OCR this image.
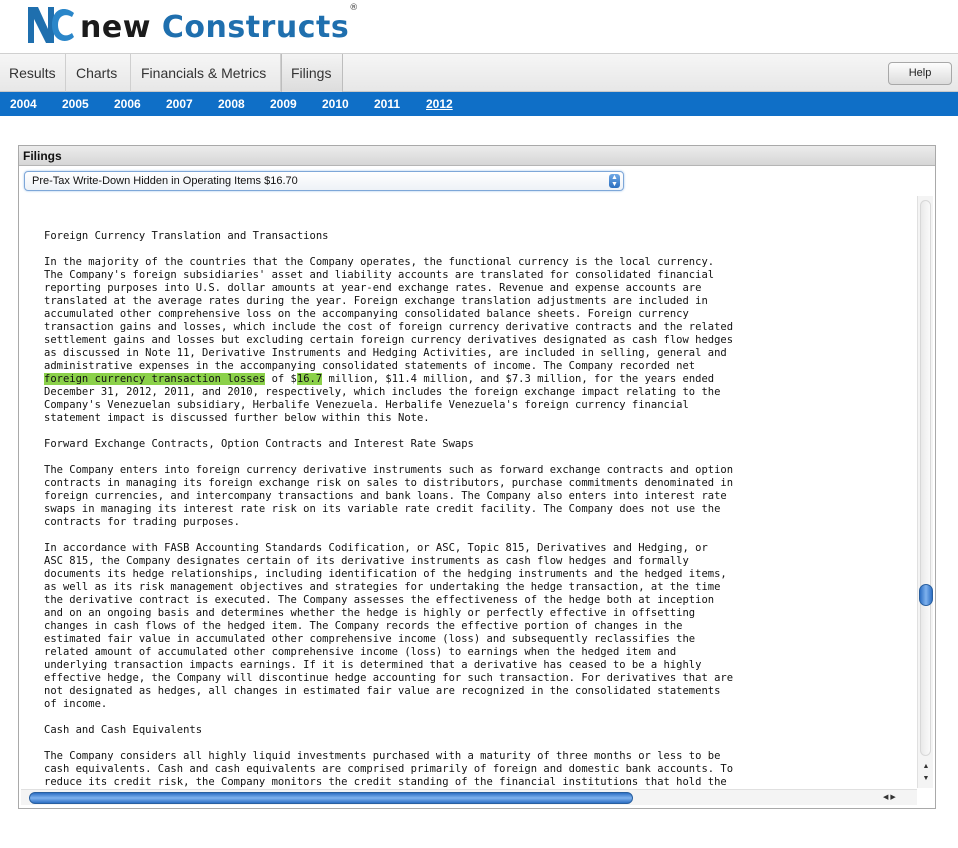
new Constructs®
Results	Charts	Financials & Metrics	Filings	Help
2004 2005 2006 2007 2008 2009 2010 2011 2012
Filings
Pre-Tax Write-Down Hidden in Operating Items $16.70	▲
▼
Foreign Currency Translation and Transactions

In the majority of the countries that the Company operates, the functional currency is the local currency.
The Company's foreign subsidiaries' asset and liability accounts are translated for consolidated financial
reporting purposes into U.S. dollar amounts at year-end exchange rates. Revenue and expense accounts are
translated at the average rates during the year. Foreign exchange translation adjustments are included in
accumulated other comprehensive loss on the accompanying consolidated balance sheets. Foreign currency
transaction gains and losses, which include the cost of foreign currency derivative contracts and the related
settlement gains and losses but excluding certain foreign currency derivatives designated as cash flow hedges
as discussed in Note 11, Derivative Instruments and Hedging Activities, are included in selling, general and
administrative expenses in the accompanying consolidated statements of income. The Company recorded net
foreign currency transaction losses of $16.7 million, $11.4 million, and $7.3 million, for the years ended
December 31, 2012, 2011, and 2010, respectively, which includes the foreign exchange impact relating to the
Company's Venezuelan subsidiary, Herbalife Venezuela. Herbalife Venezuela's foreign currency financial
statement impact is discussed further below within this Note.

Forward Exchange Contracts, Option Contracts and Interest Rate Swaps

The Company enters into foreign currency derivative instruments such as forward exchange contracts and option
contracts in managing its foreign exchange risk on sales to distributors, purchase commitments denominated in
foreign currencies, and intercompany transactions and bank loans. The Company also enters into interest rate
swaps in managing its interest rate risk on its variable rate credit facility. The Company does not use the
contracts for trading purposes.

In accordance with FASB Accounting Standards Codification, or ASC, Topic 815, Derivatives and Hedging, or
ASC 815, the Company designates certain of its derivative instruments as cash flow hedges and formally
documents its hedge relationships, including identification of the hedging instruments and the hedged items,
as well as its risk management objectives and strategies for undertaking the hedge transaction, at the time
the derivative contract is executed. The Company assesses the effectiveness of the hedge both at inception
and on an ongoing basis and determines whether the hedge is highly or perfectly effective in offsetting
changes in cash flows of the hedged item. The Company records the effective portion of changes in the
estimated fair value in accumulated other comprehensive income (loss) and subsequently reclassifies the
related amount of accumulated other comprehensive income (loss) to earnings when the hedged item and
underlying transaction impacts earnings. If it is determined that a derivative has ceased to be a highly
effective hedge, the Company will discontinue hedge accounting for such transaction. For derivatives that are
not designated as hedges, all changes in estimated fair value are recognized in the consolidated statements
of income.

Cash and Cash Equivalents

The Company considers all highly liquid investments purchased with a maturity of three months or less to be
cash equivalents. Cash and cash equivalents are comprised primarily of foreign and domestic bank accounts. To
reduce its credit risk, the Company monitors the credit standing of the financial institutions that hold the
▲
▼
◀ ▶
